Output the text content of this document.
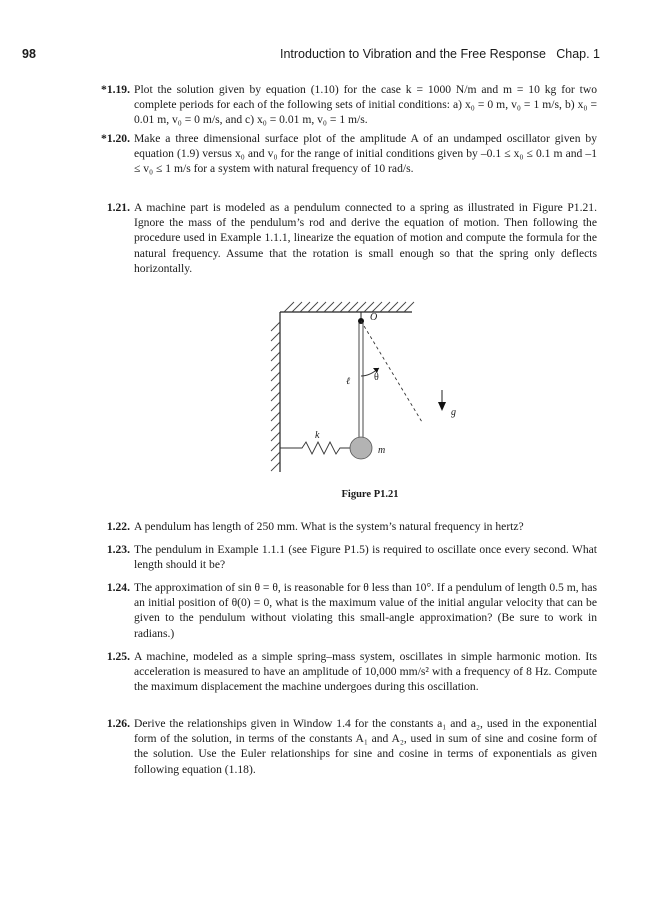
98	Introduction to Vibration and the Free Response Chap. 1
*1.19. Plot the solution given by equation (1.10) for the case k = 1000 N/m and m = 10 kg for two complete periods for each of the following sets of initial conditions: a) x₀ = 0 m, v₀ = 1 m/s, b) x₀ = 0.01 m, v₀ = 0 m/s, and c) x₀ = 0.01 m, v₀ = 1 m/s.
*1.20. Make a three dimensional surface plot of the amplitude A of an undamped oscillator given by equation (1.9) versus x₀ and v₀ for the range of initial conditions given by –0.1 ≤ x₀ ≤ 0.1 m and –1 ≤ v₀ ≤ 1 m/s for a system with natural frequency of 10 rad/s.
1.21. A machine part is modeled as a pendulum connected to a spring as illustrated in Figure P1.21. Ignore the mass of the pendulum’s rod and derive the equation of motion. Then following the procedure used in Example 1.1.1, linearize the equation of motion and compute the formula for the natural frequency. Assume that the rotation is small enough so that the spring only deflects horizontally.
O
ℓ θ
g
k
m
Figure P1.21
1.22. A pendulum has length of 250 mm. What is the system’s natural frequency in hertz?
1.23. The pendulum in Example 1.1.1 (see Figure P1.5) is required to oscillate once every second. What length should it be?
1.24. The approximation of sin θ = θ, is reasonable for θ less than 10°. If a pendulum of length 0.5 m, has an initial position of θ(0) = 0, what is the maximum value of the initial angular velocity that can be given to the pendulum without violating this small-angle approximation? (Be sure to work in radians.)
1.25. A machine, modeled as a simple spring–mass system, oscillates in simple harmonic motion. Its acceleration is measured to have an amplitude of 10,000 mm/s² with a frequency of 8 Hz. Compute the maximum displacement the machine undergoes during this oscillation.
1.26. Derive the relationships given in Window 1.4 for the constants a₁ and a₂, used in the exponential form of the solution, in terms of the constants A₁ and A₂, used in sum of sine and cosine form of the solution. Use the Euler relationships for sine and cosine in terms of exponentials as given following equation (1.18).
